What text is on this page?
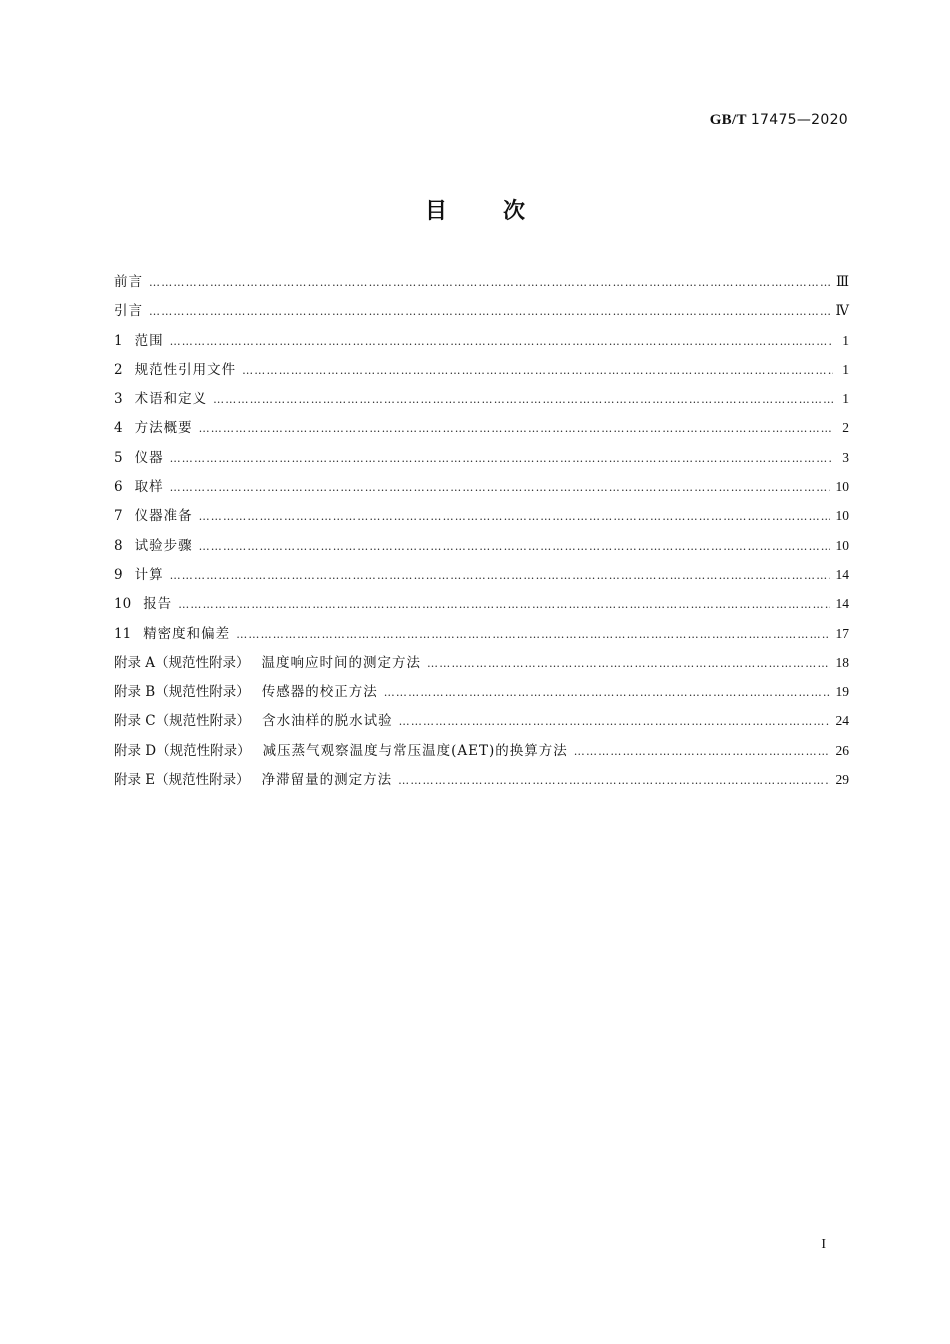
GB/T 17475—2020
目次
前言 ………………………………………………………………………………………………………………………………………………………………………………………………………………	Ⅲ
引言 ………………………………………………………………………………………………………………………………………………………………………………………………………………	Ⅳ
1 范围 ………………………………………………………………………………………………………………………………………………………………………………………………………………	1
2 规范性引用文件 ………………………………………………………………………………………………………………………………………………………………………………………………………………	1
3 术语和定义 ………………………………………………………………………………………………………………………………………………………………………………………………………………	1
4 方法概要 ………………………………………………………………………………………………………………………………………………………………………………………………………………	2
5 仪器 ………………………………………………………………………………………………………………………………………………………………………………………………………………	3
6 取样 ………………………………………………………………………………………………………………………………………………………………………………………………………………	10
7 仪器准备 ………………………………………………………………………………………………………………………………………………………………………………………………………………	10
8 试验步骤 ………………………………………………………………………………………………………………………………………………………………………………………………………………	10
9 计算 ………………………………………………………………………………………………………………………………………………………………………………………………………………	14
10 报告 ………………………………………………………………………………………………………………………………………………………………………………………………………………	14
11 精密度和偏差 ………………………………………………………………………………………………………………………………………………………………………………………………………………	17
附录 A（规范性附录） 温度响应时间的测定方法 ………………………………………………………………………………………………………………………………………………………………………………………………………………	18
附录 B（规范性附录） 传感器的校正方法 ………………………………………………………………………………………………………………………………………………………………………………………………………………	19
附录 C（规范性附录） 含水油样的脱水试验 ………………………………………………………………………………………………………………………………………………………………………………………………………………	24
附录 D（规范性附录） 减压蒸气观察温度与常压温度(AET)的换算方法 ………………………………………………………………………………………………………………………………………………………………………………………………………………	26
附录 E（规范性附录） 净滞留量的测定方法 ………………………………………………………………………………………………………………………………………………………………………………………………………………	29
I
